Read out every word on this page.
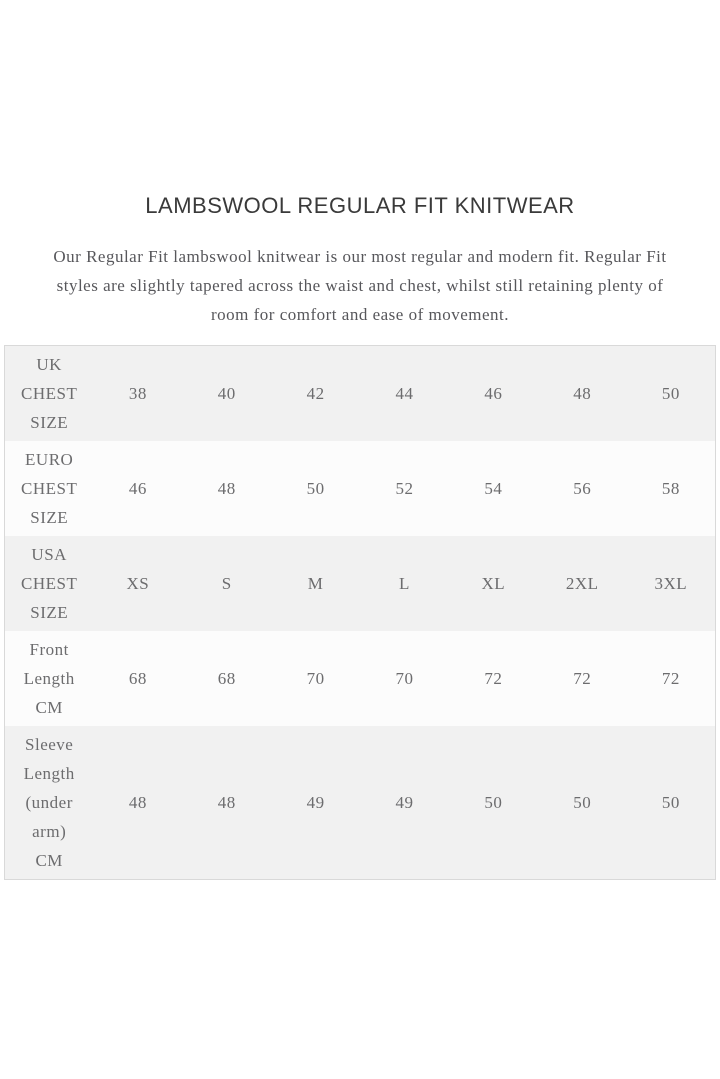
LAMBSWOOL REGULAR FIT KNITWEAR

Our Regular Fit lambswool knitwear is our most regular and modern fit. Regular Fit
styles are slightly tapered across the waist and chest, whilst still retaining plenty of
room for comfort and ease of movement.

UK CHEST SIZE	38	40	42	44	46	48	50
EURO CHEST SIZE	46	48	50	52	54	56	58
USA CHEST SIZE	XS	S	M	L	XL	2XL	3XL
Front Length CM	68	68	70	70	72	72	72
Sleeve Length (under arm) CM	48	48	49	49	50	50	50
